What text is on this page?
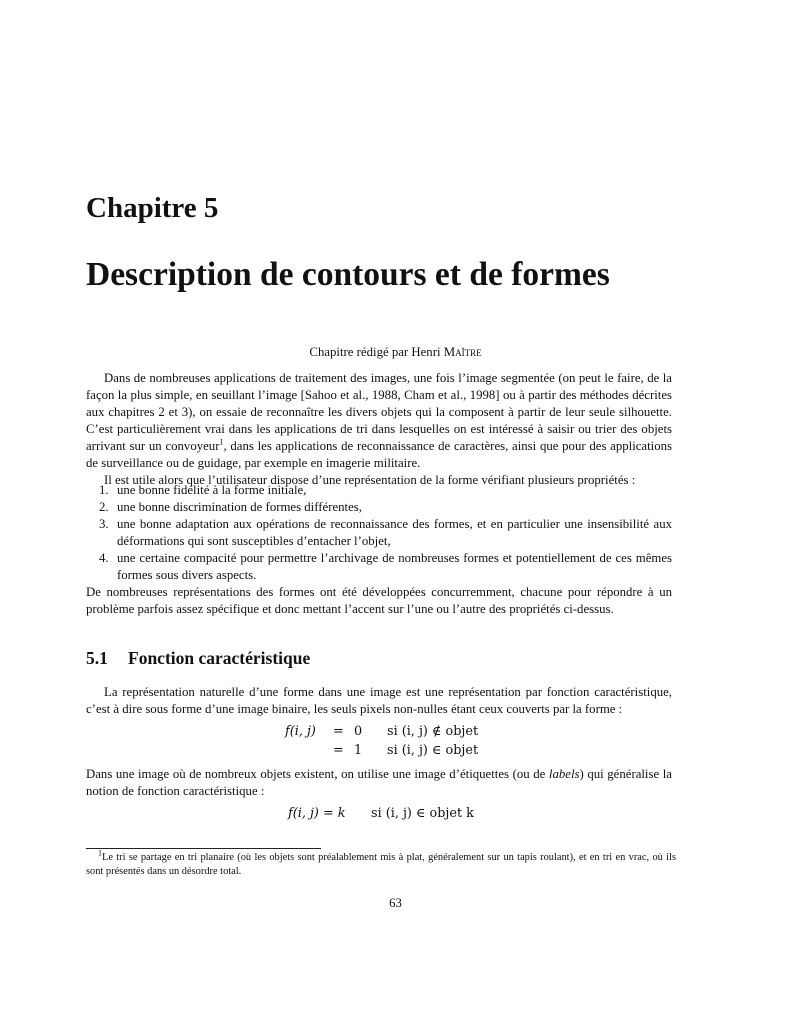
Chapitre 5
Description de contours et de formes
Chapitre rédigé par Henri Maître

Dans de nombreuses applications de traitement des images, une fois l’image segmentée (on peut le faire, de la façon la plus simple, en seuillant l’image [Sahoo et al., 1988, Cham et al., 1998] ou à partir des méthodes décrites aux chapitres 2 et 3), on essaie de reconnaître les divers objets qui la composent à partir de leur seule silhouette. C’est particulièrement vrai dans les applications de tri dans lesquelles on est intéressé à saisir ou trier des objets arrivant sur un convoyeur$^1$, dans les applications de reconnaissance de caractères, ainsi que pour des applications de surveillance ou de guidage, par exemple en imagerie militaire.

Il est utile alors que l’utilisateur dispose d’une représentation de la forme vérifiant plusieurs propriétés :

1. une bonne fidélité à la forme initiale,
2. une bonne discrimination de formes différentes,
3. une bonne adaptation aux opérations de reconnaissance des formes, et en particulier une insensibilité aux déformations qui sont susceptibles d’entacher l’objet,
4. une certaine compacité pour permettre l’archivage de nombreuses formes et potentiellement de ces mêmes formes sous divers aspects.

De nombreuses représentations des formes ont été développées concurremment, chacune pour répondre à un problème parfois assez spécifique et donc mettant l’accent sur l’une ou l’autre des propriétés ci-dessus.

5.1 Fonction caractéristique

La représentation naturelle d’une forme dans une image est une représentation par fonction caractéristique, c’est à dire sous forme d’une image binaire, les seuls pixels non-nulles étant ceux couverts par la forme :

f(i, j) = 0 si (i, j) ∉ objet
= 1 si (i, j) ∈ objet

Dans une image où de nombreux objets existent, on utilise une image d’étiquettes (ou de labels) qui généralise la notion de fonction caractéristique :

f(i, j) = k si (i, j) ∈ objet k

$^1$Le tri se partage en tri planaire (où les objets sont préalablement mis à plat, généralement sur un tapis roulant), et en tri en vrac, où ils sont présentés dans un désordre total.

63
